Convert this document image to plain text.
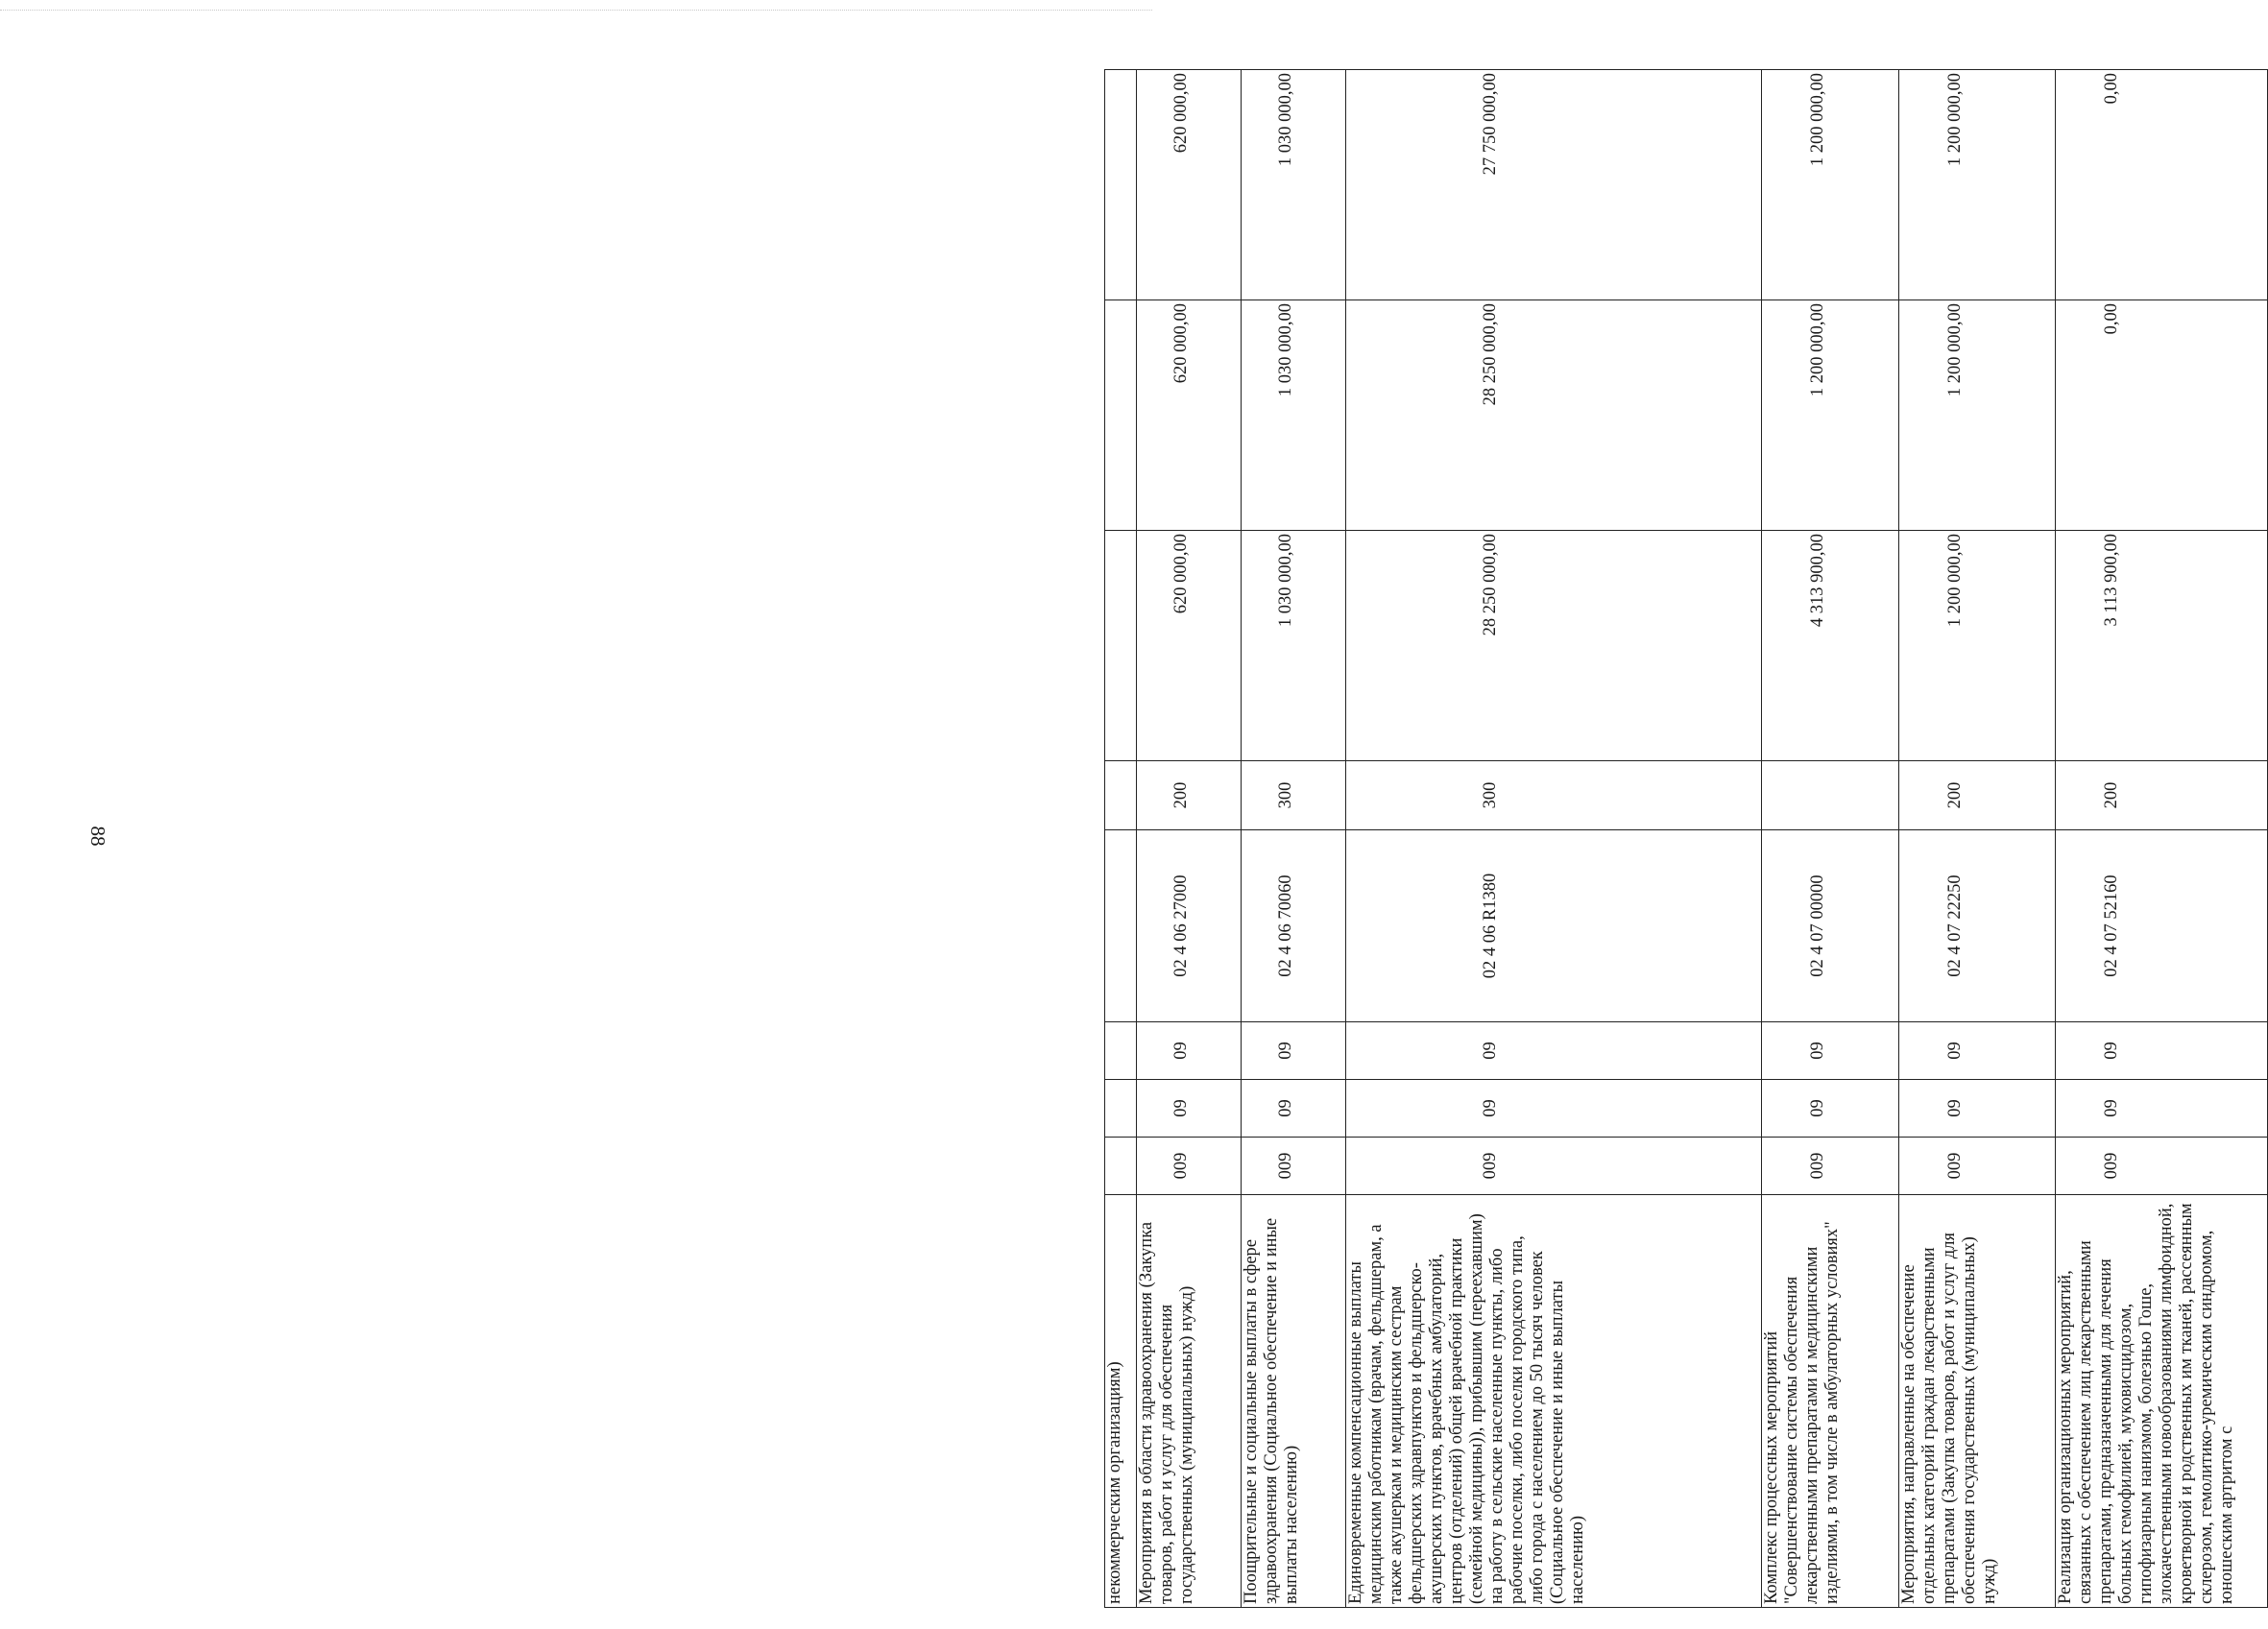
88
некоммерческим организациям)								
Мероприятия в области здравоохранения (Закупка товаров, работ и услуг для обеспечения государственных (муниципальных) нужд)	009	09	09	02 4 06 27000	200	620 000,00	620 000,00	620 000,00
Поощрительные и социальные выплаты в сфере здравоохранения (Социальное обеспечение и иные выплаты населению)	009	09	09	02 4 06 70060	300	1 030 000,00	1 030 000,00	1 030 000,00
Единовременные компенсационные выплаты медицинским работникам (врачам, фельдшерам, а также акушеркам и медицинским сестрам фельдшерских здравпунктов и фельдшерско-акушерских пунктов, врачебных амбулаторий, центров (отделений) общей врачебной практики (семейной медицины)), прибывшим (переехавшим) на работу в сельские населенные пункты, либо рабочие поселки, либо поселки городского типа, либо города с населением до 50 тысяч человек (Социальное обеспечение и иные выплаты населению)	009	09	09	02 4 06 R1380	300	28 250 000,00	28 250 000,00	27 750 000,00
Комплекс процессных мероприятий "Совершенствование системы обеспечения лекарственными препаратами и медицинскими изделиями, в том числе в амбулаторных условиях"	009	09	09	02 4 07 00000		4 313 900,00	1 200 000,00	1 200 000,00
Мероприятия, направленные на обеспечение отдельных категорий граждан лекарственными препаратами (Закупка товаров, работ и услуг для обеспечения государственных (муниципальных) нужд)	009	09	09	02 4 07 22250	200	1 200 000,00	1 200 000,00	1 200 000,00
Реализация организационных мероприятий, связанных с обеспечением лиц лекарственными препаратами, предназначенными для лечения больных гемофилией, муковисцидозом, гипофизарным нанизмом, болезнью Гоше, злокачественными новообразованиями лимфоидной, кроветворной и родственных им тканей, рассеянным склерозом, гемолитико-уремическим синдромом, юношеским артритом с	009	09	09	02 4 07 52160	200	3 113 900,00	0,00	0,00
